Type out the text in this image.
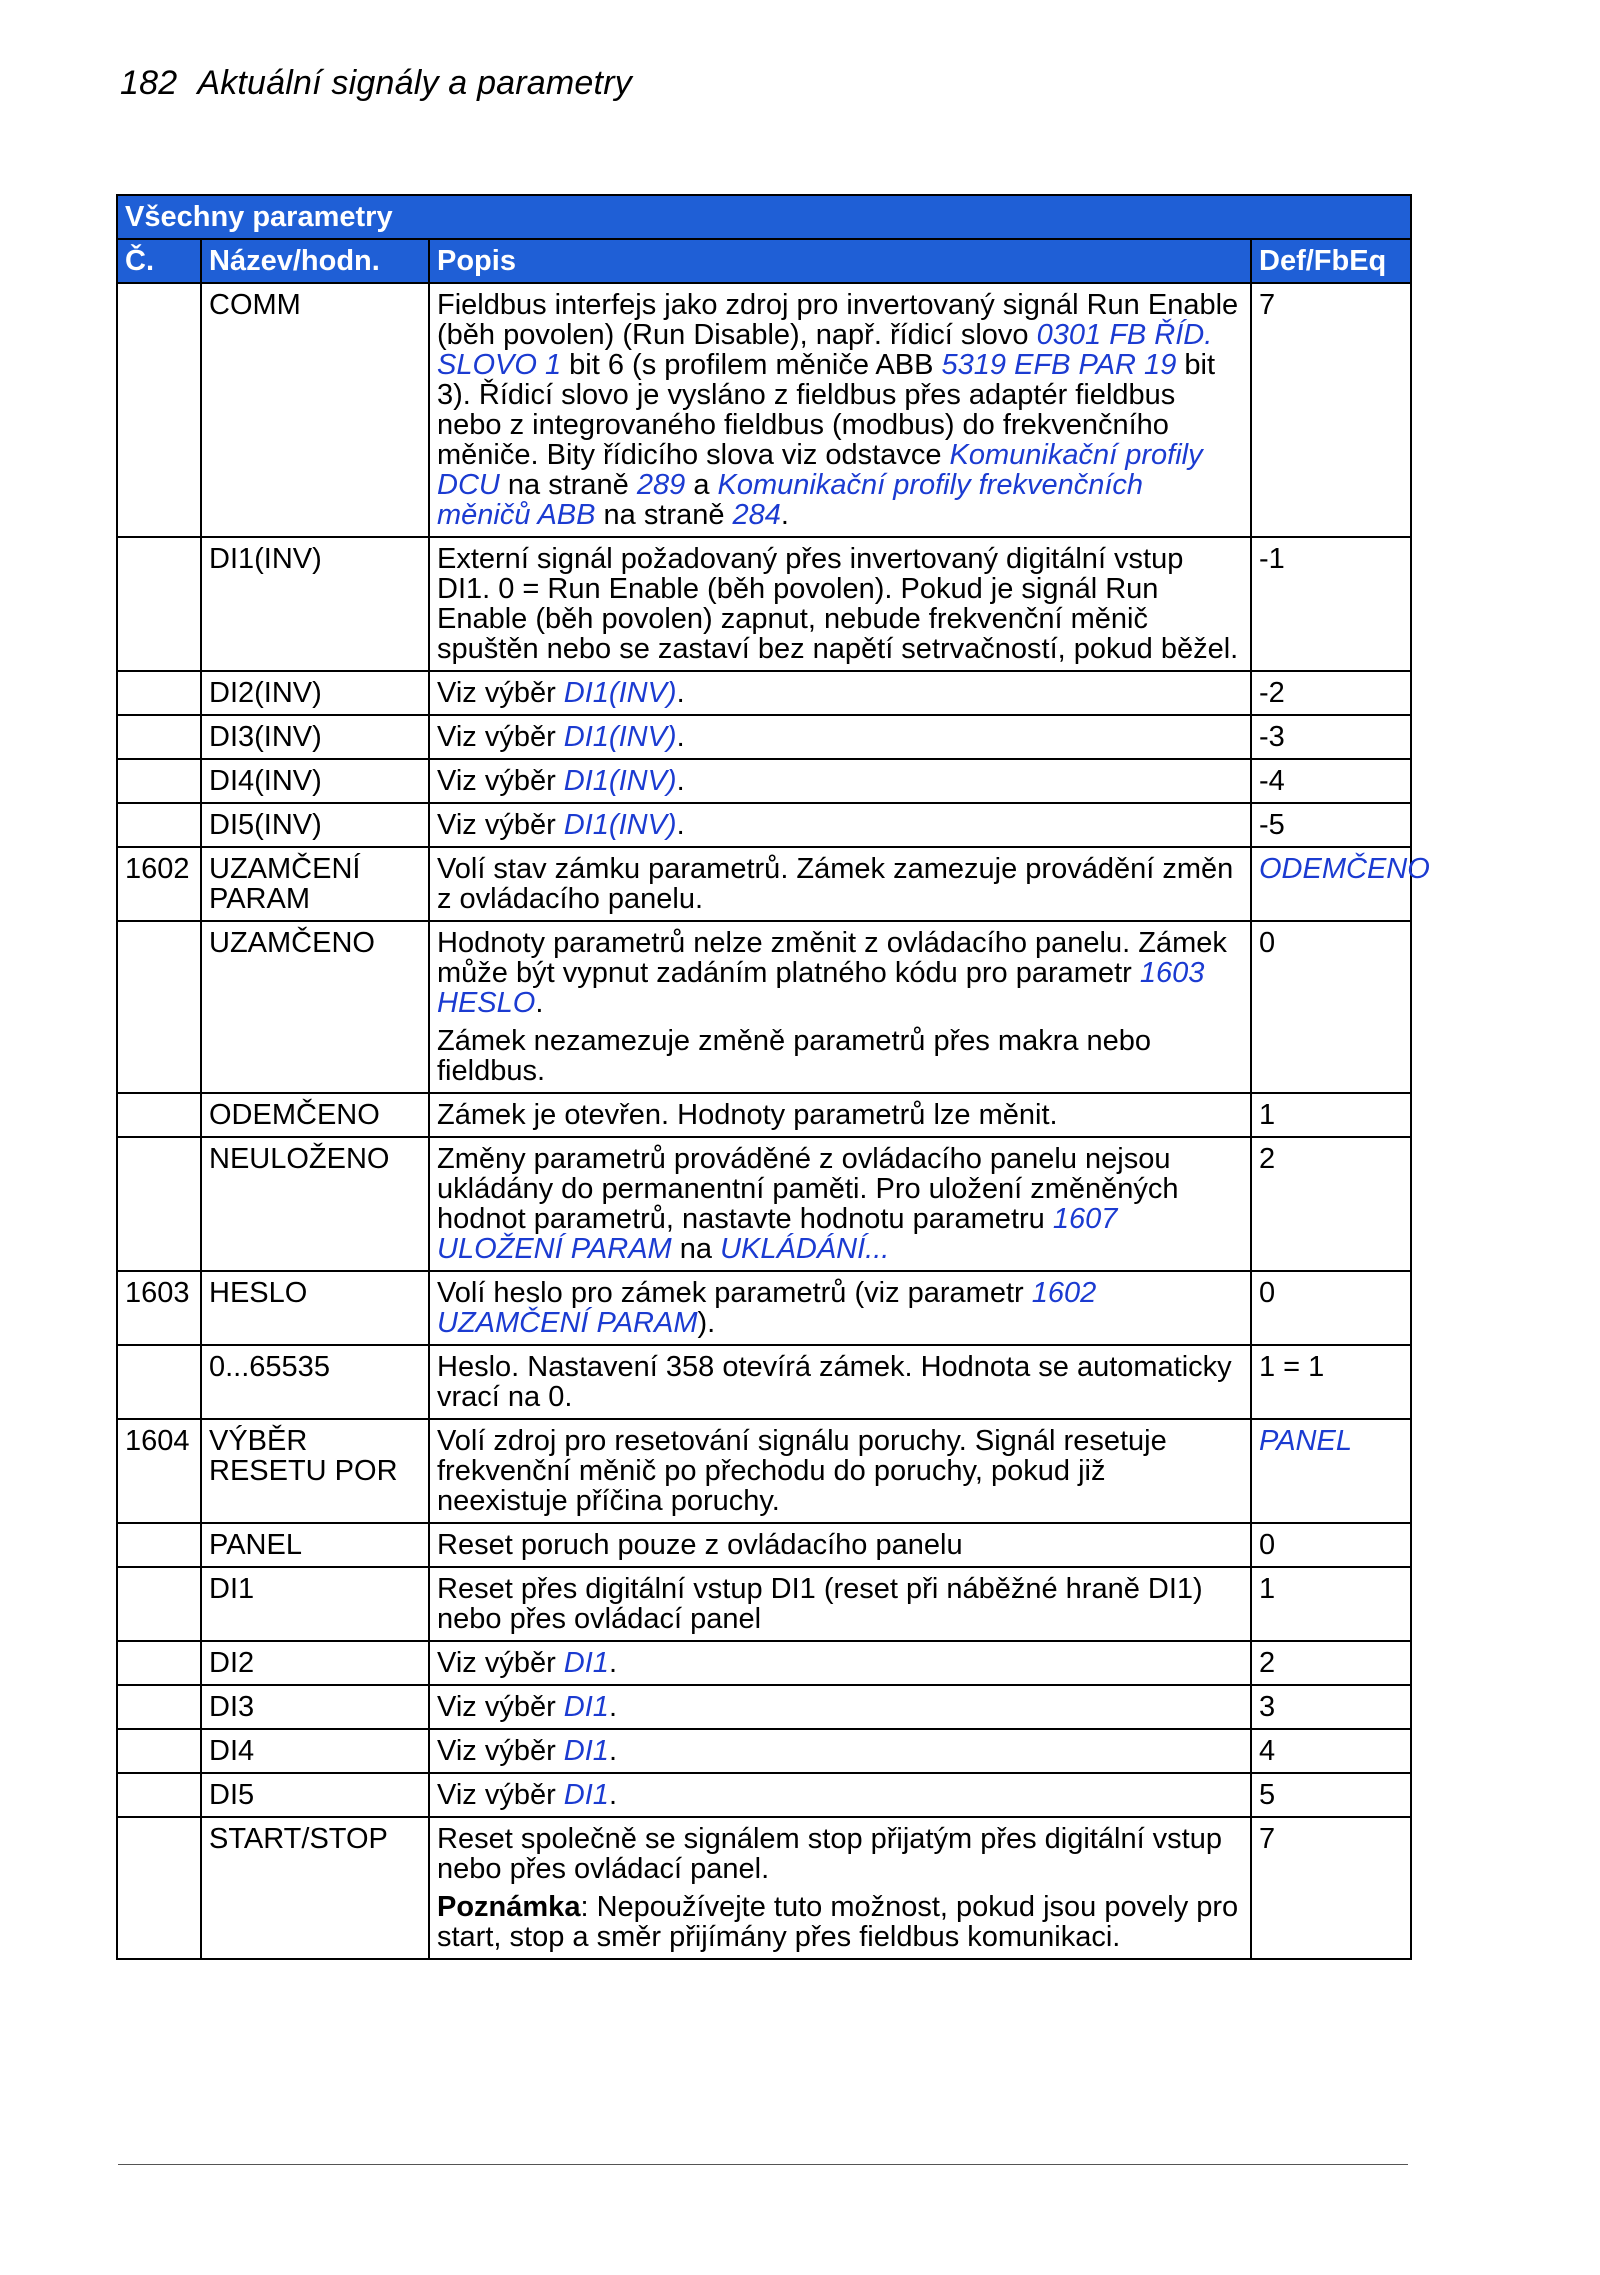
182 Aktuální signály a parametry
Všechny parametry			
Č.	Název/hodn.	Popis	Def/FbEq
	COMM	Fieldbus interfejs jako zdroj pro invertovaný signál Run Enable (běh povolen) (Run Disable), např. řídicí slovo 0301 FB ŘÍD. SLOVO 1 bit 6 (s profilem měniče ABB 5319 EFB PAR 19 bit 3). Řídicí slovo je vysláno z fieldbus přes adaptér fieldbus nebo z integrovaného fieldbus (modbus) do frekvenčního měniče. Bity řídicího slova viz odstavce Komunikační profily DCU na straně 289 a Komunikační profily frekvenčních měničů ABB na straně 284.	7
	DI1(INV)	Externí signál požadovaný přes invertovaný digitální vstup DI1. 0 = Run Enable (běh povolen). Pokud je signál Run Enable (běh povolen) zapnut, nebude frekvenční měnič spuštěn nebo se zastaví bez napětí setrvačností, pokud běžel.	-1
	DI2(INV)	Viz výběr DI1(INV).	-2
	DI3(INV)	Viz výběr DI1(INV).	-3
	DI4(INV)	Viz výběr DI1(INV).	-4
	DI5(INV)	Viz výběr DI1(INV).	-5
1602	UZAMČENÍ PARAM	Volí stav zámku parametrů. Zámek zamezuje provádění změn z ovládacího panelu.	ODEMČENO
	UZAMČENO	Hodnoty parametrů nelze změnit z ovládacího panelu. Zámek může být vypnut zadáním platného kódu pro parametr 1603 HESLO.

Zámek nezamezuje změně parametrů přes makra nebo fieldbus.	0
	ODEMČENO	Zámek je otevřen. Hodnoty parametrů lze měnit.	1
	NEULOŽENO	Změny parametrů prováděné z ovládacího panelu nejsou ukládány do permanentní paměti. Pro uložení změněných hodnot parametrů, nastavte hodnotu parametru 1607 ULOŽENÍ PARAM na UKLÁDÁNÍ...	2
1603	HESLO	Volí heslo pro zámek parametrů (viz parametr 1602 UZAMČENÍ PARAM).	0
	0...65535	Heslo. Nastavení 358 otevírá zámek. Hodnota se automaticky vrací na 0.	1 = 1
1604	VÝBĚR RESETU POR	Volí zdroj pro resetování signálu poruchy. Signál resetuje frekvenční měnič po přechodu do poruchy, pokud již neexistuje příčina poruchy.	PANEL
	PANEL	Reset poruch pouze z ovládacího panelu	0
	DI1	Reset přes digitální vstup DI1 (reset při náběžné hraně DI1) nebo přes ovládací panel	1
	DI2	Viz výběr DI1.	2
	DI3	Viz výběr DI1.	3
	DI4	Viz výběr DI1.	4
	DI5	Viz výběr DI1.	5
	START/STOP	Reset společně se signálem stop přijatým přes digitální vstup nebo přes ovládací panel.

Poznámka: Nepoužívejte tuto možnost, pokud jsou povely pro start, stop a směr přijímány přes fieldbus komunikaci.	7
